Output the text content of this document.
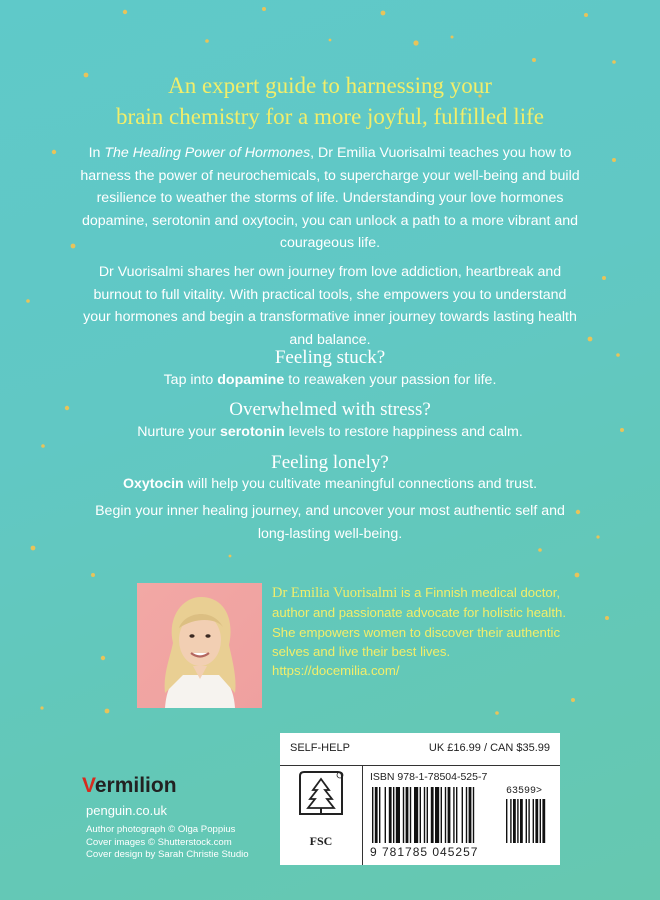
An expert guide to harnessing your
brain chemistry for a more joyful, fulfilled life
In The Healing Power of Hormones, Dr Emilia Vuorisalmi teaches you how to harness the power of neurochemicals, to supercharge your well-being and build resilience to weather the storms of life. Understanding your love hormones dopamine, serotonin and oxytocin, you can unlock a path to a more vibrant and courageous life.
Dr Vuorisalmi shares her own journey from love addiction, heartbreak and burnout to full vitality. With practical tools, she empowers you to understand your hormones and begin a transformative inner journey towards lasting health and balance.
Feeling stuck?
Tap into dopamine to reawaken your passion for life.
Overwhelmed with stress?
Nurture your serotonin levels to restore happiness and calm.
Feeling lonely?
Oxytocin will help you cultivate meaningful connections and trust.
Begin your inner healing journey, and uncover your most authentic self and long-lasting well-being.
Dr Emilia Vuorisalmi is a Finnish medical doctor, author and passionate advocate for holistic health. She empowers women to discover their authentic selves and live their best lives.
https://docemilia.com/
SELF-HELP	UK £16.99 / CAN $35.99
FSC
ISBN 978-1-78504-525-7
63599>
9 781785 045257
Vermilion
penguin.co.uk
Author photograph © Olga Poppius
Cover images © Shutterstock.com
Cover design by Sarah Christie Studio
